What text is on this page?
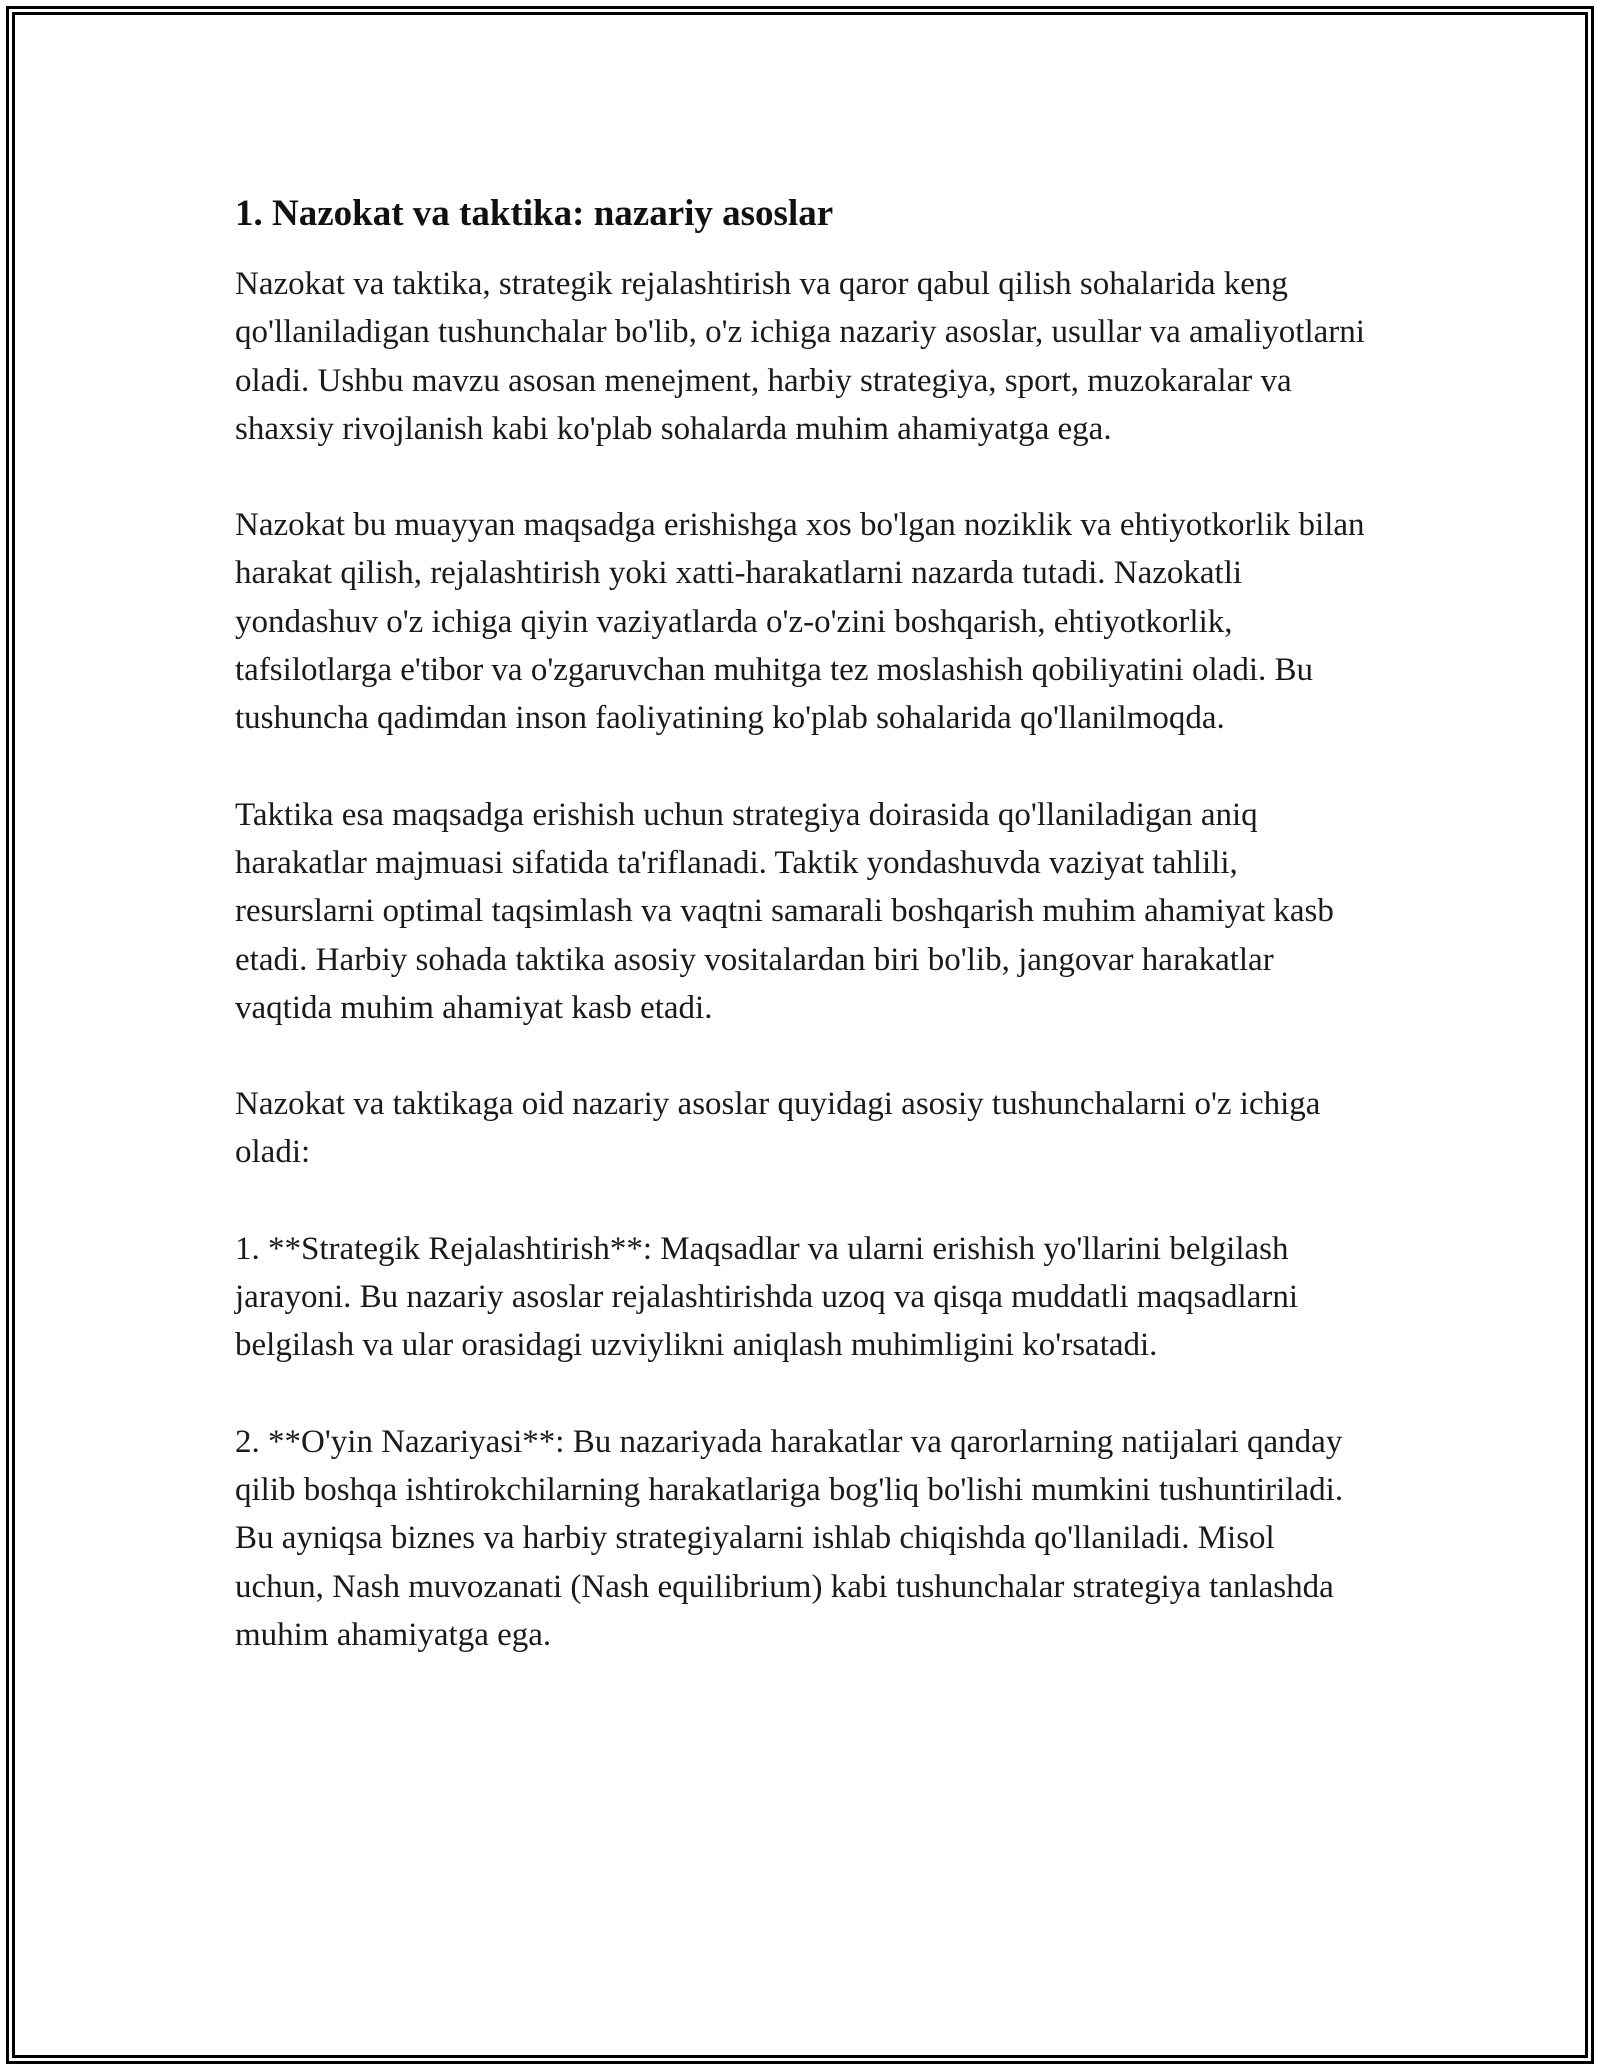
1. Nazokat va taktika: nazariy asoslar

Nazokat va taktika, strategik rejalashtirish va qaror qabul qilish sohalarida keng qo'llaniladigan tushunchalar bo'lib, o'z ichiga nazariy asoslar, usullar va amaliyotlarni oladi. Ushbu mavzu asosan menejment, harbiy strategiya, sport, muzokaralar va shaxsiy rivojlanish kabi ko'plab sohalarda muhim ahamiyatga ega.

Nazokat bu muayyan maqsadga erishishga xos bo'lgan noziklik va ehtiyotkorlik bilan harakat qilish, rejalashtirish yoki xatti-harakatlarni nazarda tutadi. Nazokatli yondashuv o'z ichiga qiyin vaziyatlarda o'z-o'zini boshqarish, ehtiyotkorlik, tafsilotlarga e'tibor va o'zgaruvchan muhitga tez moslashish qobiliyatini oladi. Bu tushuncha qadimdan inson faoliyatining ko'plab sohalarida qo'llanilmoqda.

Taktika esa maqsadga erishish uchun strategiya doirasida qo'llaniladigan aniq harakatlar majmuasi sifatida ta'riflanadi. Taktik yondashuvda vaziyat tahlili, resurslarni optimal taqsimlash va vaqtni samarali boshqarish muhim ahamiyat kasb etadi. Harbiy sohada taktika asosiy vositalardan biri bo'lib, jangovar harakatlar vaqtida muhim ahamiyat kasb etadi.

Nazokat va taktikaga oid nazariy asoslar quyidagi asosiy tushunchalarni o'z ichiga oladi:

1. **Strategik Rejalashtirish**: Maqsadlar va ularni erishish yo'llarini belgilash jarayoni. Bu nazariy asoslar rejalashtirishda uzoq va qisqa muddatli maqsadlarni belgilash va ular orasidagi uzviylikni aniqlash muhimligini ko'rsatadi.

2. **O'yin Nazariyasi**: Bu nazariyada harakatlar va qarorlarning natijalari qanday qilib boshqa ishtirokchilarning harakatlariga bog'liq bo'lishi mumkini tushuntiriladi. Bu ayniqsa biznes va harbiy strategiyalarni ishlab chiqishda qo'llaniladi. Misol uchun, Nash muvozanati (Nash equilibrium) kabi tushunchalar strategiya tanlashda muhim ahamiyatga ega.
